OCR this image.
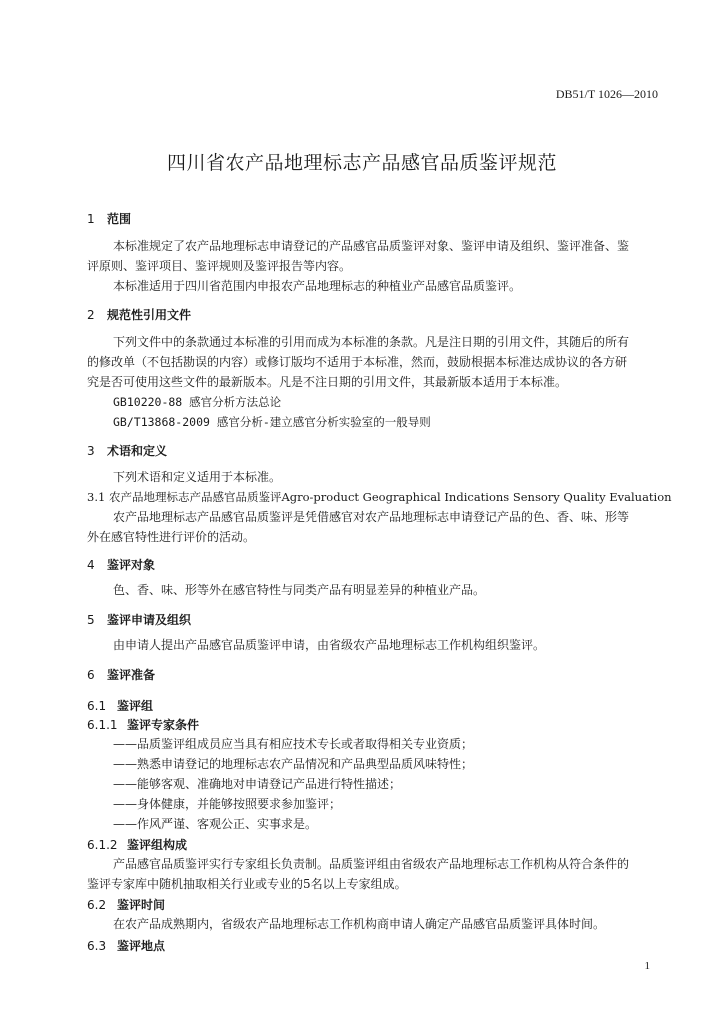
DB51/T 1026—2010
四川省农产品地理标志产品感官品质鉴评规范
1 范围
本标准规定了农产品地理标志申请登记的产品感官品质鉴评对象、鉴评申请及组织、鉴评准备、鉴
评原则、鉴评项目、鉴评规则及鉴评报告等内容。
本标准适用于四川省范围内申报农产品地理标志的种植业产品感官品质鉴评。
2 规范性引用文件
下列文件中的条款通过本标准的引用而成为本标准的条款。凡是注日期的引用文件，其随后的所有
的修改单（不包括勘误的内容）或修订版均不适用于本标准，然而，鼓励根据本标准达成协议的各方研
究是否可使用这些文件的最新版本。凡是不注日期的引用文件，其最新版本适用于本标准。
GB10220-88 感官分析方法总论
GB/T13868-2009 感官分析-建立感官分析实验室的一般导则
3 术语和定义
下列术语和定义适用于本标准。
3.1 农产品地理标志产品感官品质鉴评Agro-product Geographical Indications Sensory Quality Evaluation
农产品地理标志产品感官品质鉴评是凭借感官对农产品地理标志申请登记产品的色、香、味、形等
外在感官特性进行评价的活动。
4 鉴评对象
色、香、味、形等外在感官特性与同类产品有明显差异的种植业产品。
5 鉴评申请及组织
由申请人提出产品感官品质鉴评申请，由省级农产品地理标志工作机构组织鉴评。
6 鉴评准备
6.1 鉴评组
6.1.1 鉴评专家条件
——品质鉴评组成员应当具有相应技术专长或者取得相关专业资质；
——熟悉申请登记的地理标志农产品情况和产品典型品质风味特性；
——能够客观、准确地对申请登记产品进行特性描述；
——身体健康，并能够按照要求参加鉴评；
——作风严谨、客观公正、实事求是。
6.1.2 鉴评组构成
产品感官品质鉴评实行专家组长负责制。品质鉴评组由省级农产品地理标志工作机构从符合条件的
鉴评专家库中随机抽取相关行业或专业的5名以上专家组成。
6.2 鉴评时间
在农产品成熟期内，省级农产品地理标志工作机构商申请人确定产品感官品质鉴评具体时间。
6.3 鉴评地点
1
